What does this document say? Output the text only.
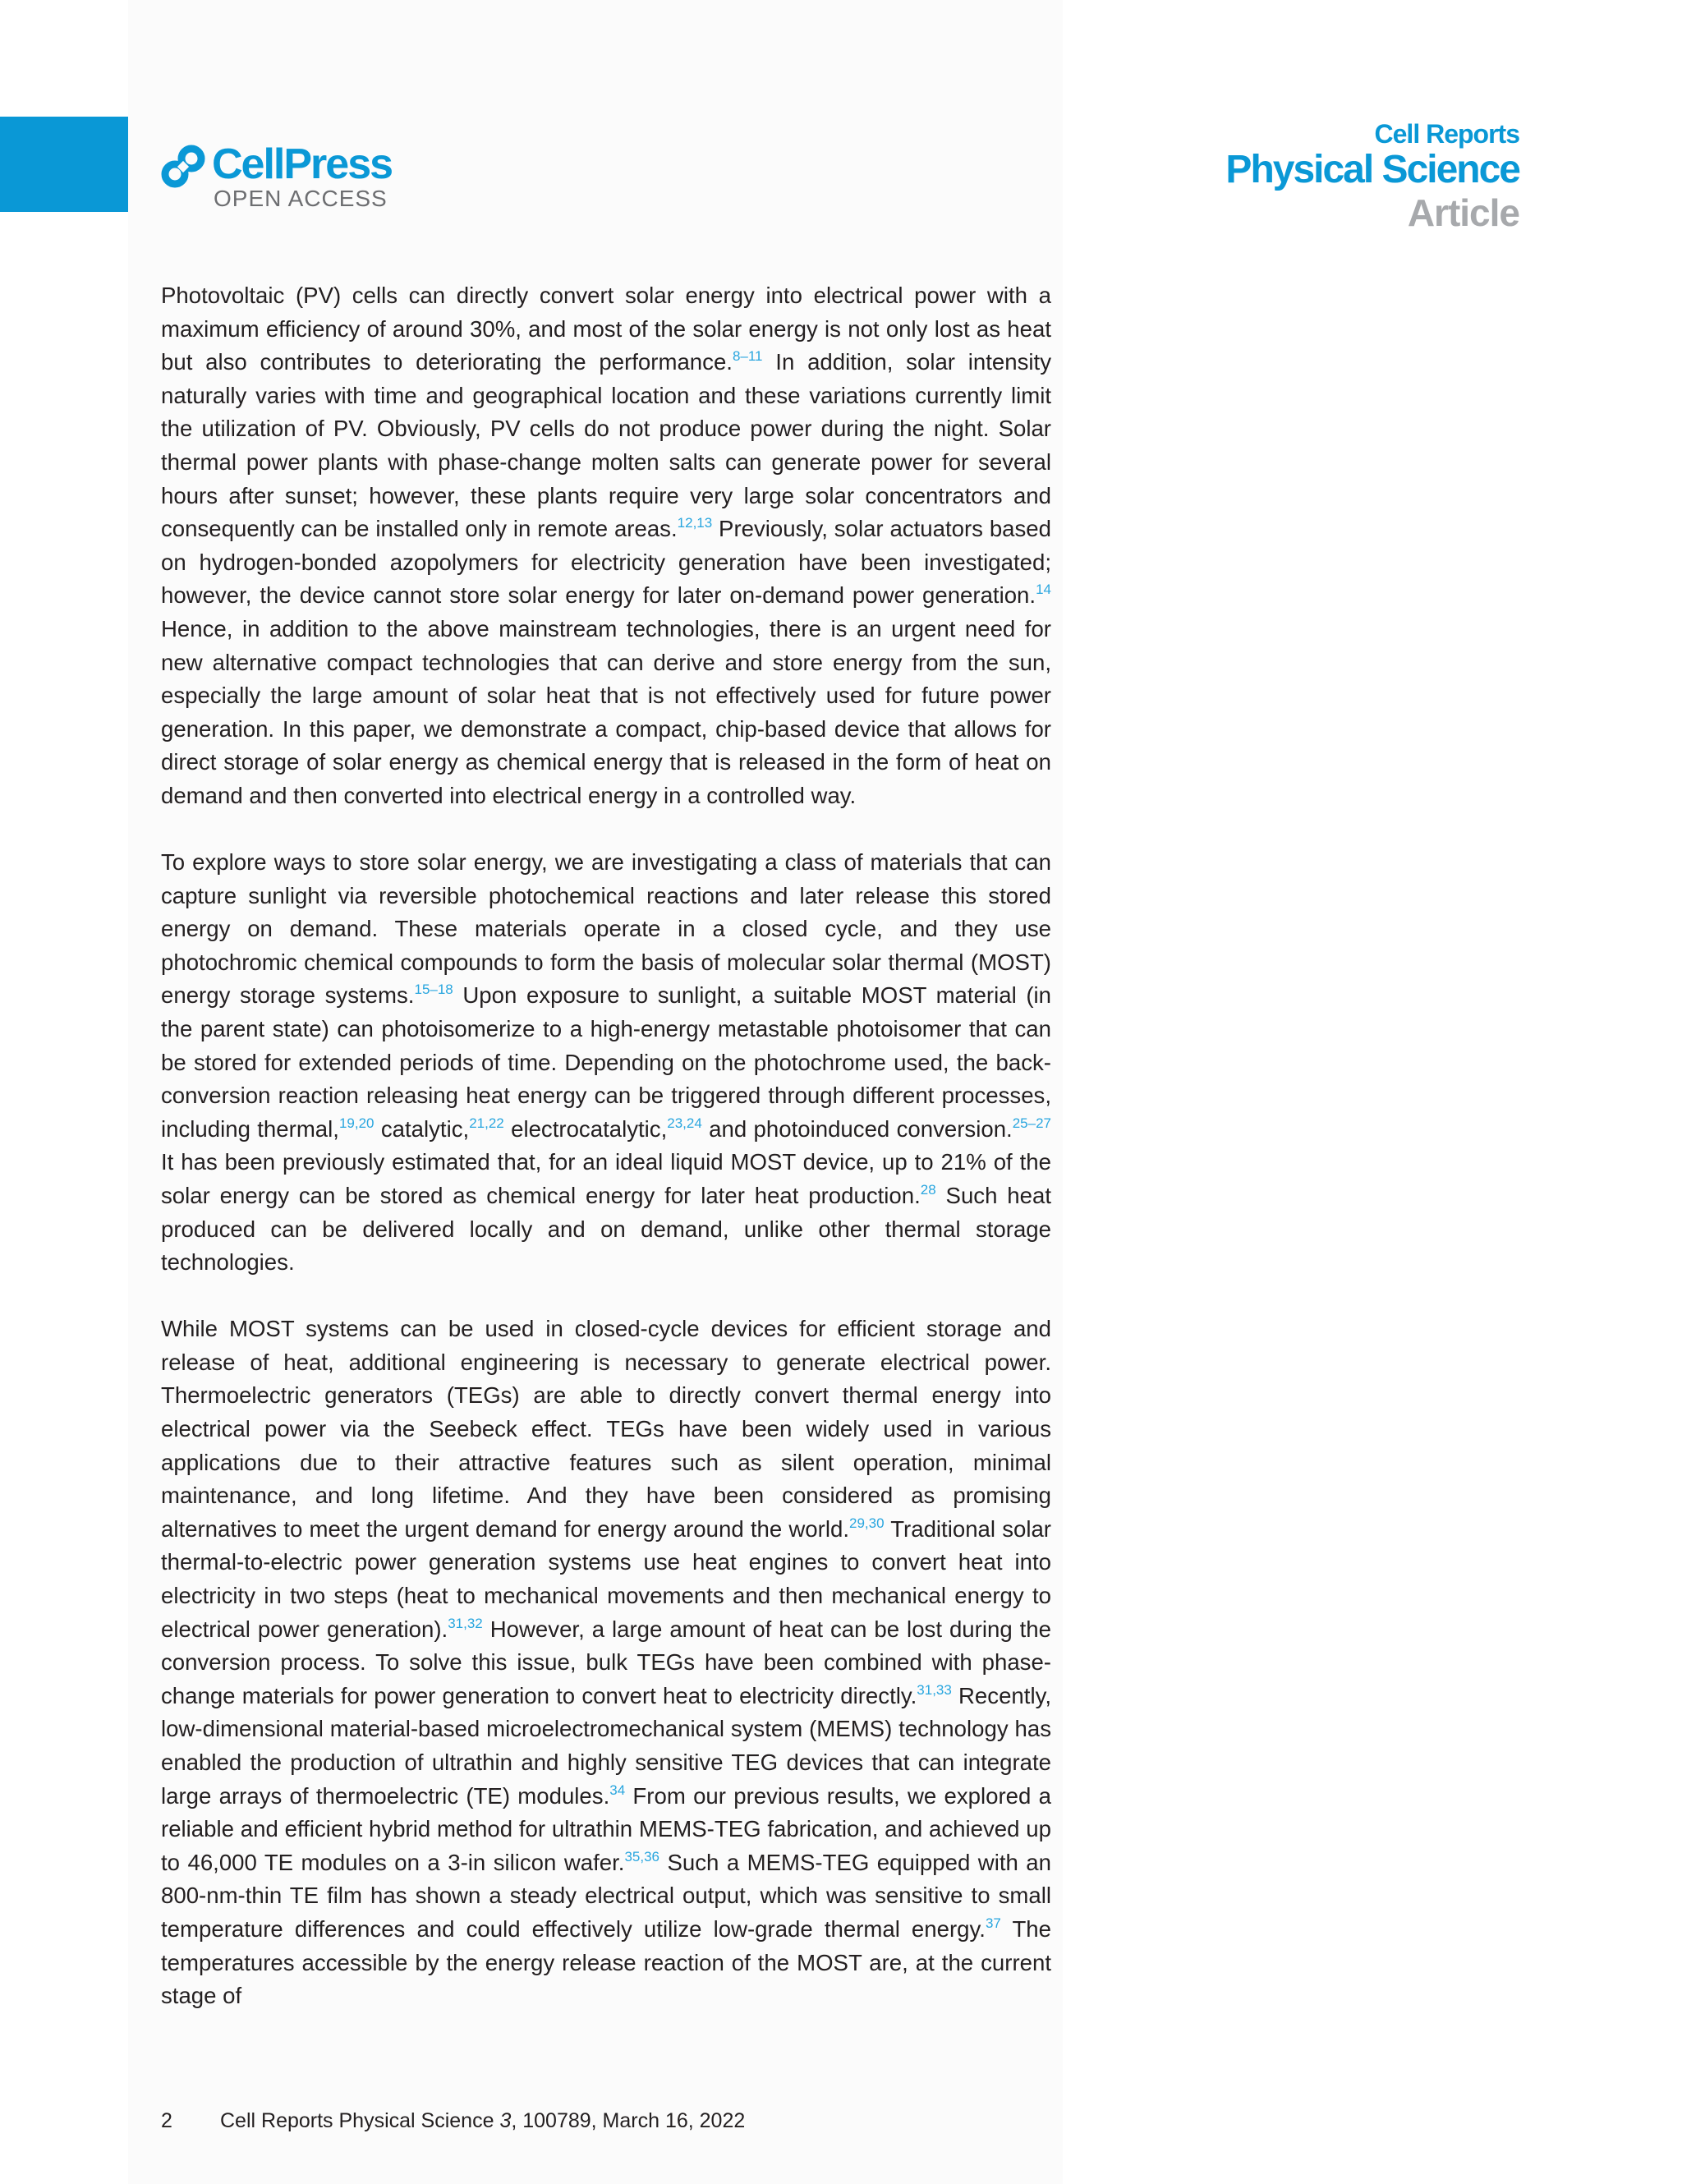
CellPress
OPEN ACCESS
Cell Reports
Physical Science
Article

Photovoltaic (PV) cells can directly convert solar energy into electrical power with a maximum efficiency of around 30%, and most of the solar energy is not only lost as heat but also contributes to deteriorating the performance.$^{8-11}$ In addition, solar intensity naturally varies with time and geographical location and these variations currently limit the utilization of PV. Obviously, PV cells do not produce power during the night. Solar thermal power plants with phase-change molten salts can generate power for several hours after sunset; however, these plants require very large solar concentrators and consequently can be installed only in remote areas.$^{12,13}$ Previously, solar actuators based on hydrogen-bonded azopolymers for electricity generation have been investigated; however, the device cannot store solar energy for later on-demand power generation.$^{14}$ Hence, in addition to the above mainstream technologies, there is an urgent need for new alternative compact technologies that can derive and store energy from the sun, especially the large amount of solar heat that is not effectively used for future power generation. In this paper, we demonstrate a compact, chip-based device that allows for direct storage of solar energy as chemical energy that is released in the form of heat on demand and then converted into electrical energy in a controlled way.

To explore ways to store solar energy, we are investigating a class of materials that can capture sunlight via reversible photochemical reactions and later release this stored energy on demand. These materials operate in a closed cycle, and they use photochromic chemical compounds to form the basis of molecular solar thermal (MOST) energy storage systems.$^{15-18}$ Upon exposure to sunlight, a suitable MOST material (in the parent state) can photoisomerize to a high-energy metastable photoisomer that can be stored for extended periods of time. Depending on the photochrome used, the back-conversion reaction releasing heat energy can be triggered through different processes, including thermal,$^{19,20}$ catalytic,$^{21,22}$ electrocatalytic,$^{23,24}$ and photoinduced conversion.$^{25-27}$ It has been previously estimated that, for an ideal liquid MOST device, up to 21% of the solar energy can be stored as chemical energy for later heat production.$^{28}$ Such heat produced can be delivered locally and on demand, unlike other thermal storage technologies.

While MOST systems can be used in closed-cycle devices for efficient storage and release of heat, additional engineering is necessary to generate electrical power. Thermoelectric generators (TEGs) are able to directly convert thermal energy into electrical power via the Seebeck effect. TEGs have been widely used in various applications due to their attractive features such as silent operation, minimal maintenance, and long lifetime. And they have been considered as promising alternatives to meet the urgent demand for energy around the world.$^{29,30}$ Traditional solar thermal-to-electric power generation systems use heat engines to convert heat into electricity in two steps (heat to mechanical movements and then mechanical energy to electrical power generation).$^{31,32}$ However, a large amount of heat can be lost during the conversion process. To solve this issue, bulk TEGs have been combined with phase-change materials for power generation to convert heat to electricity directly.$^{31,33}$ Recently, low-dimensional material-based microelectromechanical system (MEMS) technology has enabled the production of ultrathin and highly sensitive TEG devices that can integrate large arrays of thermoelectric (TE) modules.$^{34}$ From our previous results, we explored a reliable and efficient hybrid method for ultrathin MEMS-TEG fabrication, and achieved up to 46,000 TE modules on a 3-in silicon wafer.$^{35,36}$ Such a MEMS-TEG equipped with an 800-nm-thin TE film has shown a steady electrical output, which was sensitive to small temperature differences and could effectively utilize low-grade thermal energy.$^{37}$ The temperatures accessible by the energy release reaction of the MOST are, at the current stage of

2 Cell Reports Physical Science 3, 100789, March 16, 2022
